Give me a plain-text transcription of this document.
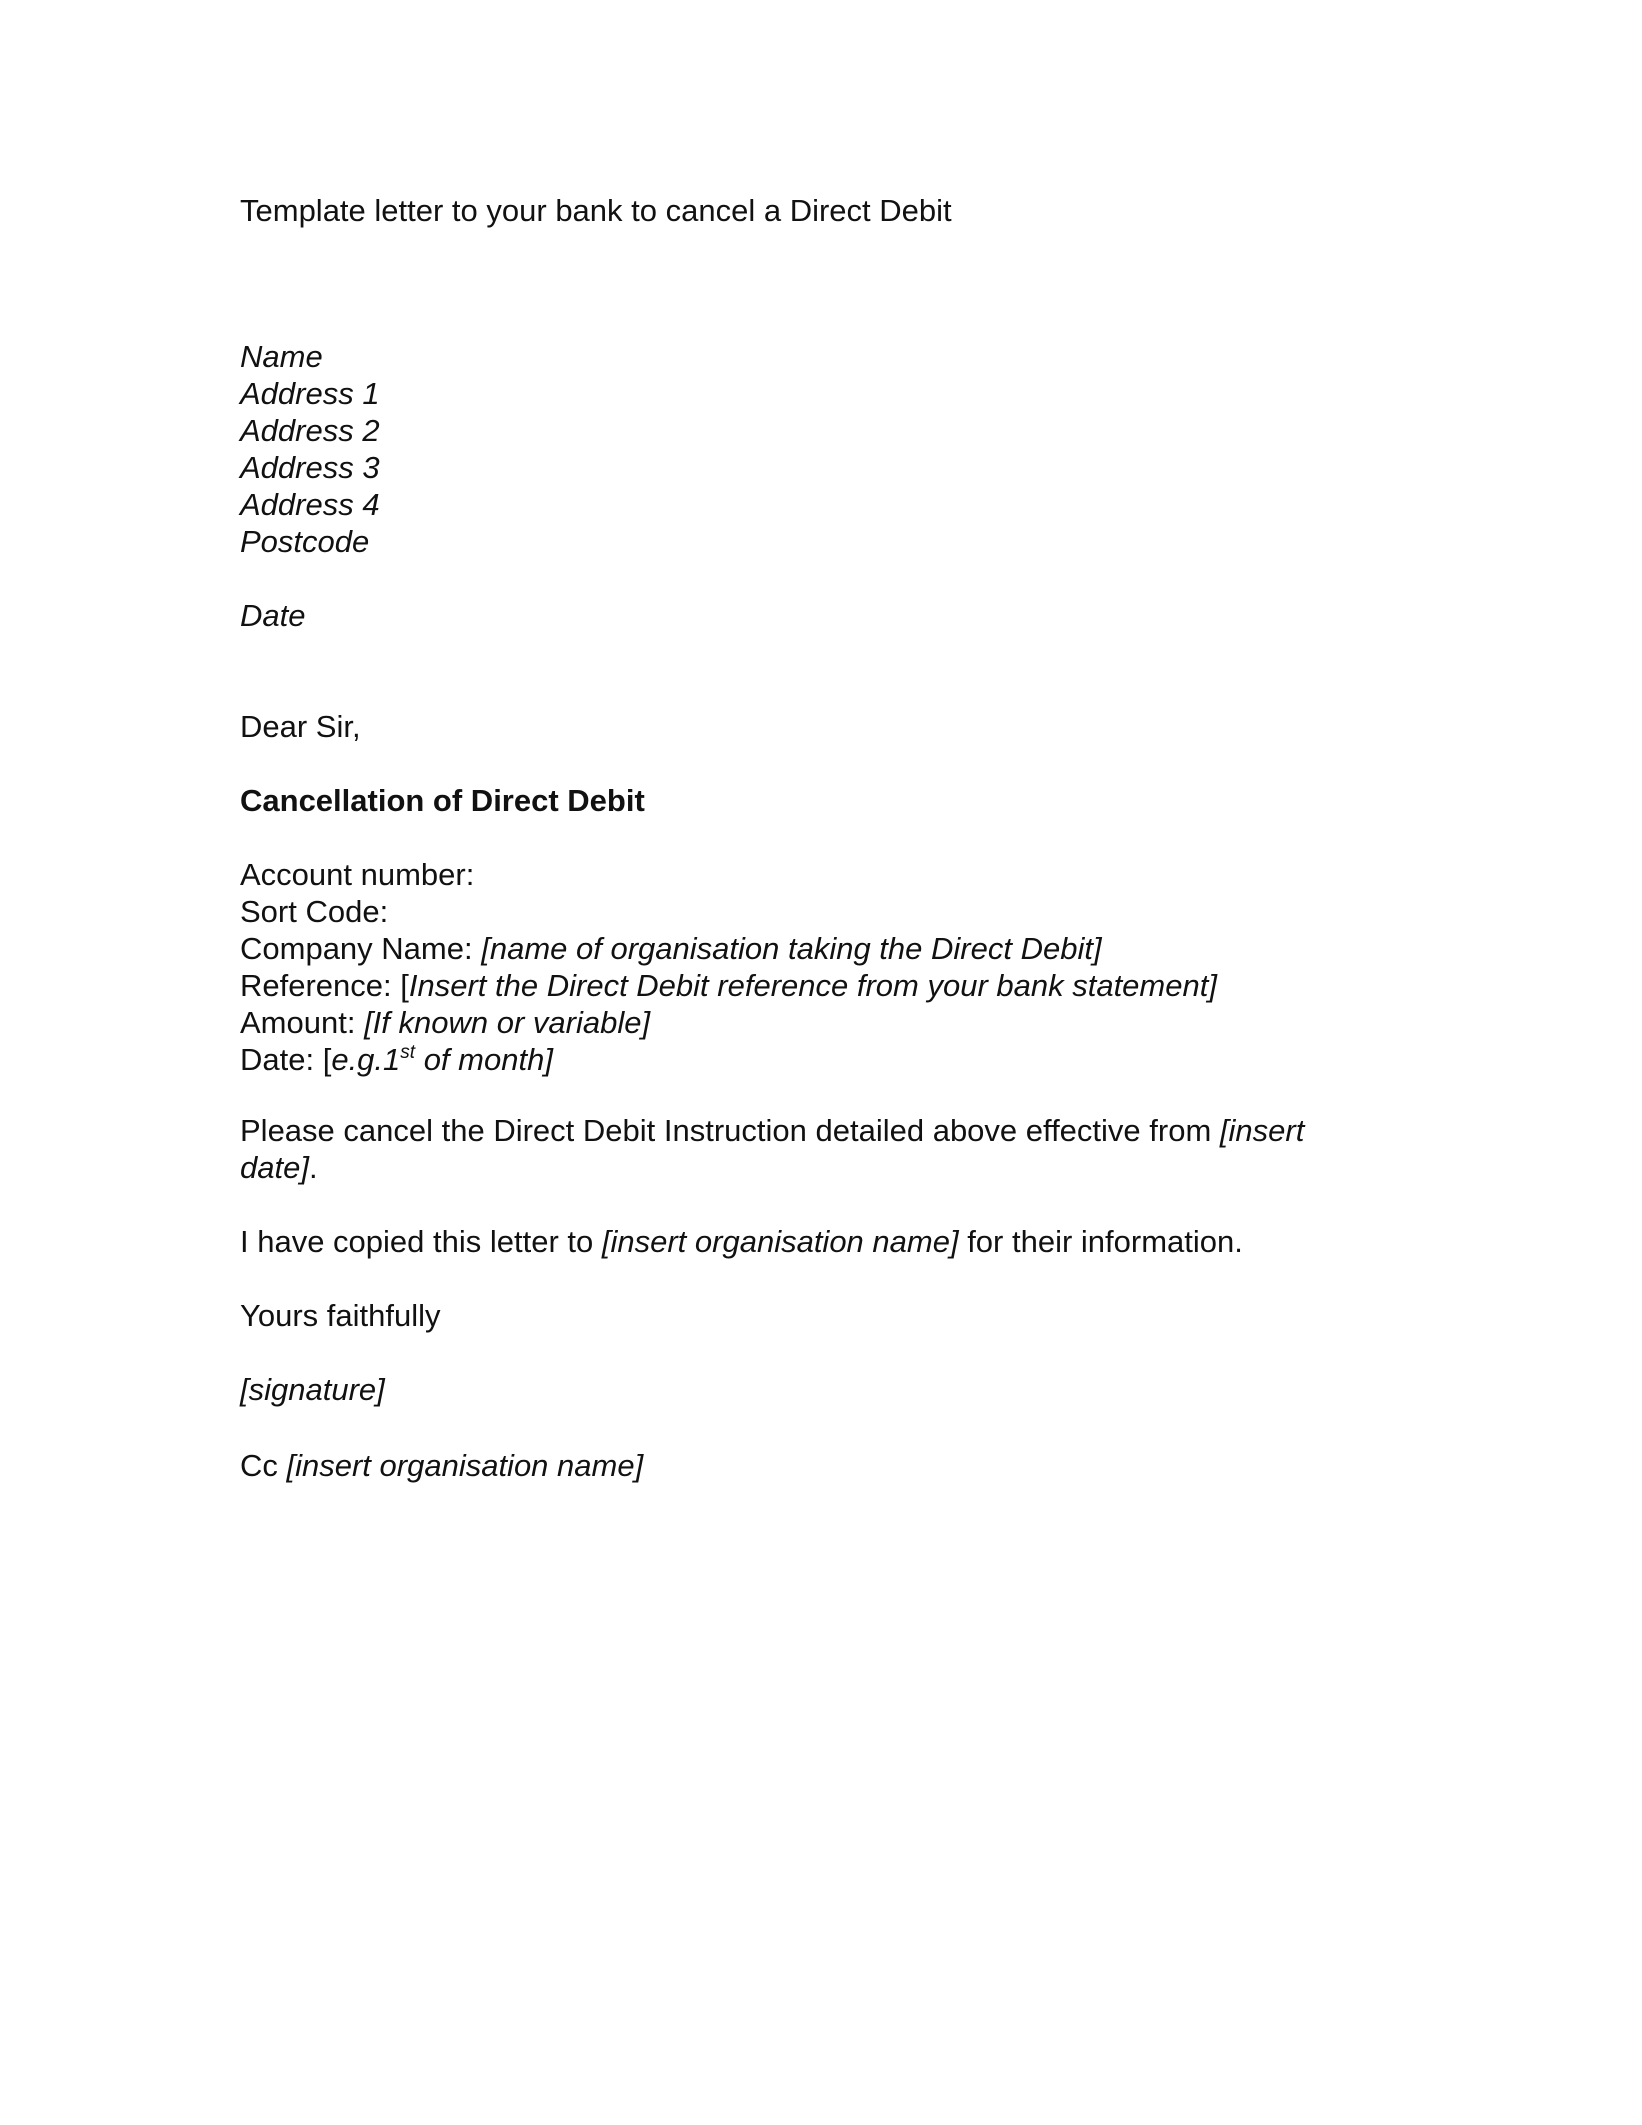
Template letter to your bank to cancel a Direct Debit
Name
Address 1
Address 2
Address 3
Address 4
Postcode
Date
Dear Sir,
Cancellation of Direct Debit
Account number:
Sort Code:
Company Name: [name of organisation taking the Direct Debit]
Reference: [Insert the Direct Debit reference from your bank statement]
Amount: [If known or variable]
Date: [e.g.1st of month]
Please cancel the Direct Debit Instruction detailed above effective from [insert
date].
I have copied this letter to [insert organisation name] for their information.
Yours faithfully
[signature]
Cc [insert organisation name]
